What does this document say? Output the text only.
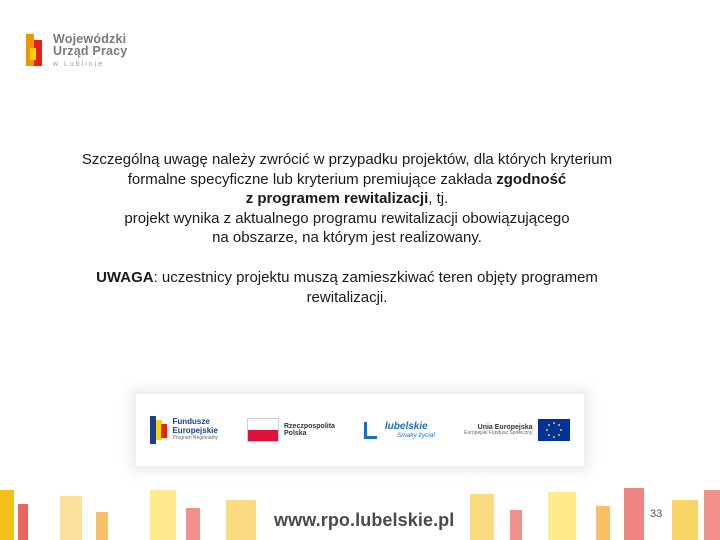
Wojewódzki
Urząd Pracy
w Lublinie

Szczególną uwagę należy zwrócić w przypadku projektów, dla których kryterium

formalne specyficzne lub kryterium premiujące zakłada zgodność

z programem rewitalizacji, tj.

projekt wynika z aktualnego programu rewitalizacji obowiązującego

na obszarze, na którym jest realizowany.

UWAGA: uczestnicy projektu muszą zamieszkiwać teren objęty programem
rewitalizacji.
Fundusze
Europejskie
Program Regionalny
Rzeczpospolita
Polska
lubelskie
Smaky życia!
Unia Europejska
Europejski Fundusz Społeczny
www.rpo.lubelskie.pl	33
